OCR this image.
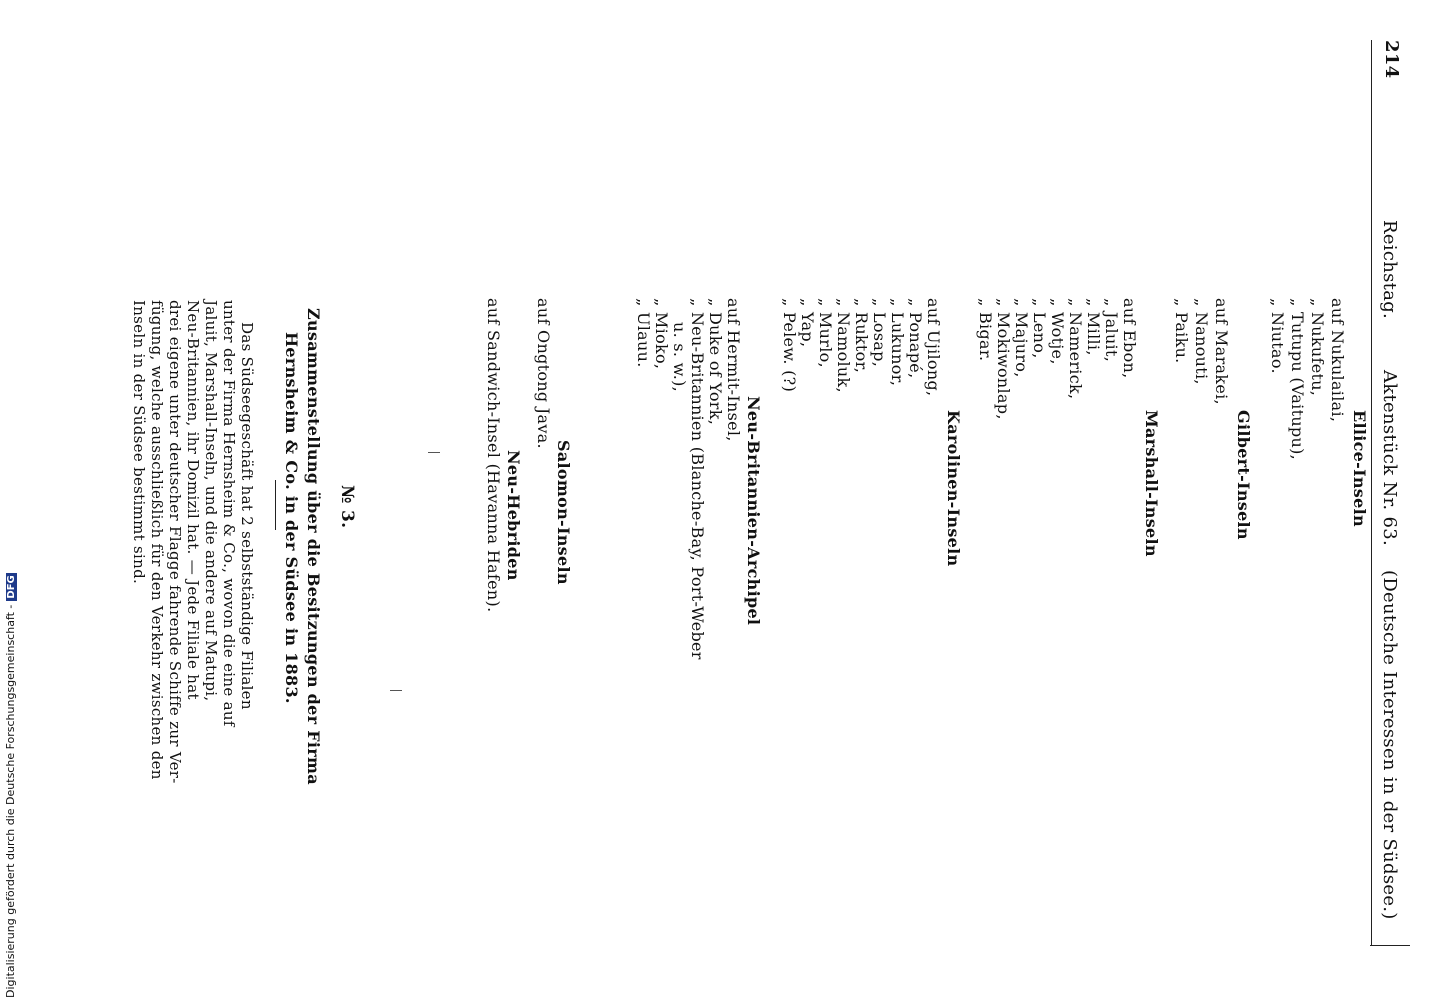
214
Reichstag.
Aktenstück Nr. 63.
(Deutsche Interessen in der Südsee.)
Ellice-Inseln
auf Nukulailai,
„ Nukufetu,
„ Tutupu (Vaitupu),
„ Niutao.
Gilbert-Inseln
auf Marakei,
„ Nanouti,
„ Paiku.
Marshall-Inseln
auf Ebon,
„ Jaluit,
„ Milli,
„ Namerick,
„ Wotje,
„ Leno,
„ Majuro,
„ Mokiwonlap,
„ Bigar.
Karolinen-Inseln
auf Ujilong,
„ Ponapé,
„ Lukunor,
„ Losap,
„ Ruktor,
„ Namoluk,
„ Murlo,
„ Yap,
„ Pelew. (?)
Neu-Britannien-Archipel
auf Hermit-Insel,
„ Duke of York,
„ Neu-Britannien (Blanche-Bay, Port-Weber
u. s. w.),
„ Mioko,
„ Ulauu.
Salomon-Inseln
auf Ongtong Java.
Neu-Hebriden
auf Sandwich-Insel (Havanna Hafen).
№ 3.
Zusammenstellung über die Besitzungen der Firma
Hernsheim & Co. in der Südsee in 1883.
Das Südseegeschäft hat 2 selbstständige Filialen
unter der Firma Hernsheim & Co., wovon die eine auf
Jaluit, Marshall-Inseln, und die andere auf Matupi,
Neu-Britannien, ihr Domizil hat. — Jede Filiale hat
drei eigene unter deutscher Flagge fahrende Schiffe zur Ver-
fügung, welche ausschließlich für den Verkehr zwischen den
Inseln in der Südsee bestimmt sind.
Digitalisierung gefördert durch die Deutsche Forschungsgemeinschaft -DFG
